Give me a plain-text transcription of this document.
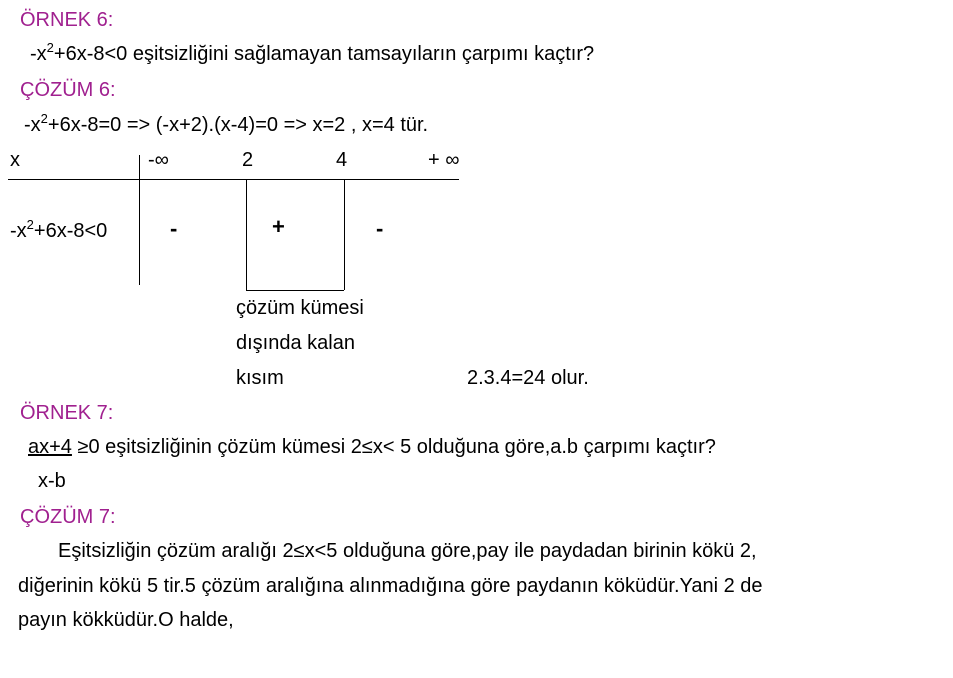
ÖRNEK 6:
$-x^2+6x-8<0$ eşitsizliğini sağlamayan tamsayıların çarpımı kaçtır?
ÇÖZÜM 6:
$-x^2+6x-8=0 => (-x+2).(x-4)=0 => x=2$ , x=4 tür.
x	-∞	2	4	+ ∞
$-x^2+6x-8<0$	-	+	-
çözüm kümesi
dışında kalan
kısım	2.3.4=24 olur.
ÖRNEK 7:
ax+4 ≥0 eşitsizliğinin çözüm kümesi 2≤x< 5 olduğuna göre,a.b çarpımı kaçtır?
x-b
ÇÖZÜM 7:
Eşitsizliğin çözüm aralığı 2≤x<5 olduğuna göre,pay ile paydadan birinin kökü 2,
diğerinin kökü 5 tir.5 çözüm aralığına alınmadığına göre paydanın köküdür.Yani 2 de
payın kökküdür.O halde,
